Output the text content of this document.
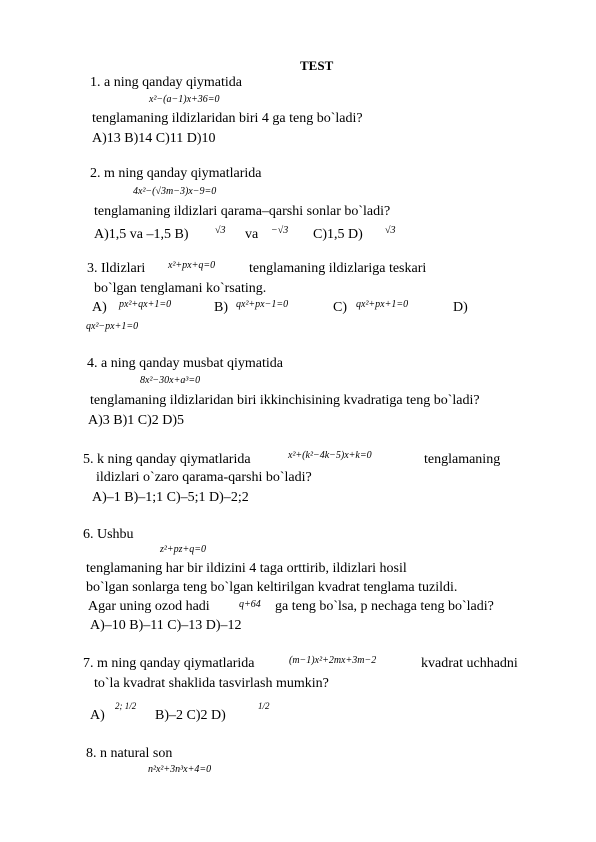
TEST
1. a ning qanday qiymatida
x²−(a−1)x+36=0
tenglamaning ildizlaridan biri 4 ga teng bo`ladi?
A)13 B)14 C)11 D)10
2. m ning qanday qiymatlarida
4x²−(√3m−3)x−9=0
tenglamaning ildizlari qarama–qarshi sonlar bo`ladi?
A)1,5 va –1,5 B)	√3 va −√3 C)1,5 D) √3
3. Ildizlari x²+px+q=0 tenglamaning ildizlariga teskari
bo`lgan tenglamani ko`rsating.
A) px²+qx+1=0	B) qx²+px−1=0	C) qx²+px+1=0	D)
qx²−px+1=0
4. a ning qanday musbat qiymatida
8x²−30x+a³=0
tenglamaning ildizlaridan biri ikkinchisining kvadratiga teng bo`ladi?
A)3 B)1 C)2 D)5
5. k ning qanday qiymatlarida	x²+(k²−4k−5)x+k=0	tenglamaning
ildizlari o`zaro qarama-qarshi bo`ladi?
A)–1 B)–1;1 C)–5;1 D)–2;2
6. Ushbu
z²+pz+q=0
tenglamaning har bir ildizini 4 taga orttirib, ildizlari hosil
bo`lgan sonlarga teng bo`lgan keltirilgan kvadrat tenglama tuzildi.
Agar uning ozod hadi	q+64 ga teng bo`lsa, p nechaga teng bo`ladi?
A)–10 B)–11 C)–13 D)–12
7. m ning qanday qiymatlarida	(m−1)x²+2mx+3m−2	kvadrat uchhadni
to`la kvadrat shaklida tasvirlash mumkin?
A)
2; 1/2
B)–2 C)2 D)
1/2
8. n natural son
n²x²+3n³x+4=0
